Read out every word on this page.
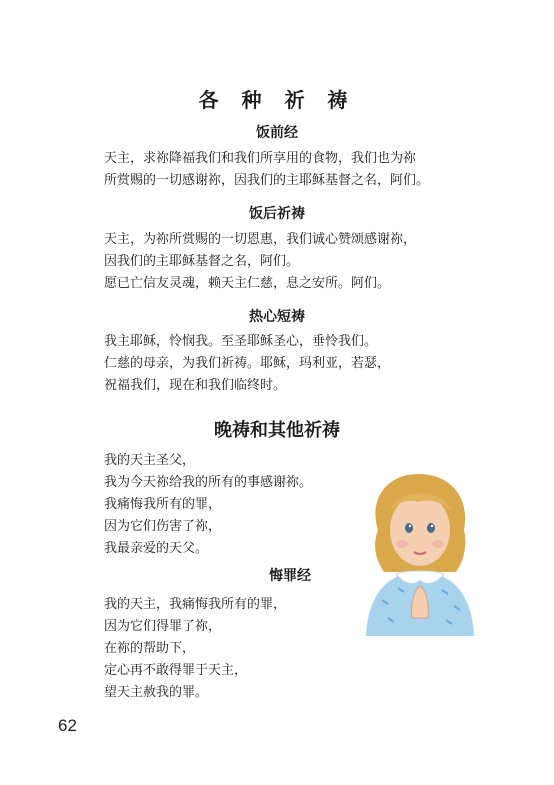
各 种 祈 祷
饭前经
天主，求祢降福我们和我们所享用的食物，我们也为祢
所赏赐的一切感谢祢，因我们的主耶稣基督之名，阿们。
饭后祈祷
天主，为祢所赏赐的一切恩惠，我们诚心赞颂感谢祢，
因我们的主耶稣基督之名，阿们。
愿已亡信友灵魂，赖天主仁慈，息之安所。阿们。
热心短祷
我主耶稣，怜悯我。至圣耶稣圣心，垂怜我们。
仁慈的母亲，为我们祈祷。耶稣，玛利亚，若瑟，
祝福我们，现在和我们临终时。
晚祷和其他祈祷
我的天主圣父，
我为今天祢给我的所有的事感谢祢。
我痛悔我所有的罪，
因为它们伤害了祢，
我最亲爱的天父。
悔罪经
我的天主，我痛悔我所有的罪，
因为它们得罪了祢，
在祢的帮助下，
定心再不敢得罪于天主，
望天主赦我的罪。
62
